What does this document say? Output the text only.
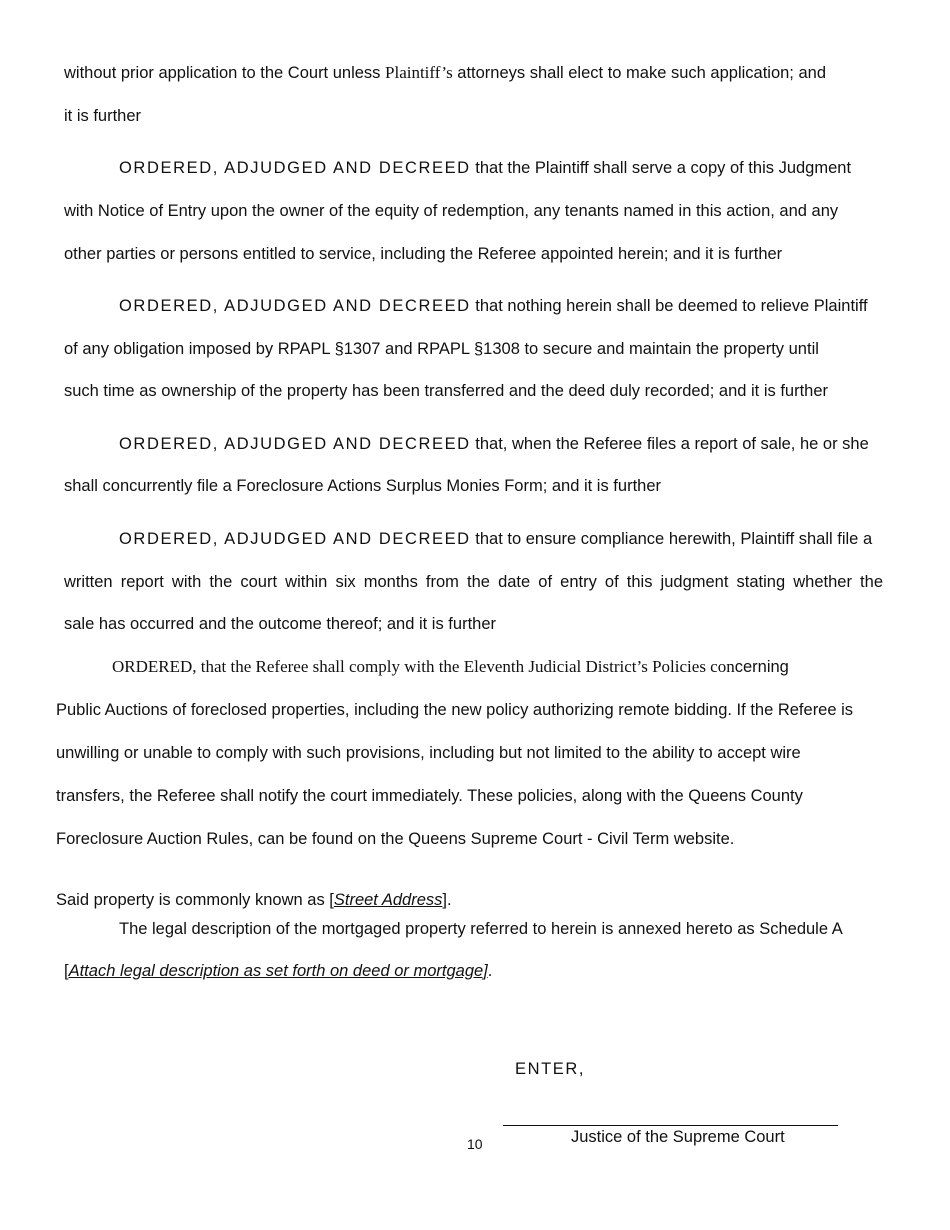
without prior application to the Court unless Plaintiff’s attorneys shall elect to make such application; and
it is further
ORDERED, ADJUDGED AND DECREED that the Plaintiff shall serve a copy of this Judgment
with Notice of Entry upon the owner of the equity of redemption, any tenants named in this action, and any
other parties or persons entitled to service, including the Referee appointed herein; and it is further
ORDERED, ADJUDGED AND DECREED that nothing herein shall be deemed to relieve Plaintiff
of any obligation imposed by RPAPL §1307 and RPAPL §1308 to secure and maintain the property until
such time as ownership of the property has been transferred and the deed duly recorded; and it is further
ORDERED, ADJUDGED AND DECREED that, when the Referee files a report of sale, he or she
shall concurrently file a Foreclosure Actions Surplus Monies Form; and it is further
ORDERED, ADJUDGED AND DECREED that to ensure compliance herewith, Plaintiff shall file a
written report with the court within six months from the date of entry of this judgment stating whether the
sale has occurred and the outcome thereof; and it is further
ORDERED, that the Referee shall comply with the Eleventh Judicial District’s Policies concerning
Public Auctions of foreclosed properties, including the new policy authorizing remote bidding. If the Referee is
unwilling or unable to comply with such provisions, including but not limited to the ability to accept wire
transfers, the Referee shall notify the court immediately. These policies, along with the Queens County
Foreclosure Auction Rules, can be found on the Queens Supreme Court - Civil Term website.
Said property is commonly known as [Street Address].
The legal description of the mortgaged property referred to herein is annexed hereto as Schedule A
[Attach legal description as set forth on deed or mortgage].
ENTER,
Justice of the Supreme Court
10
